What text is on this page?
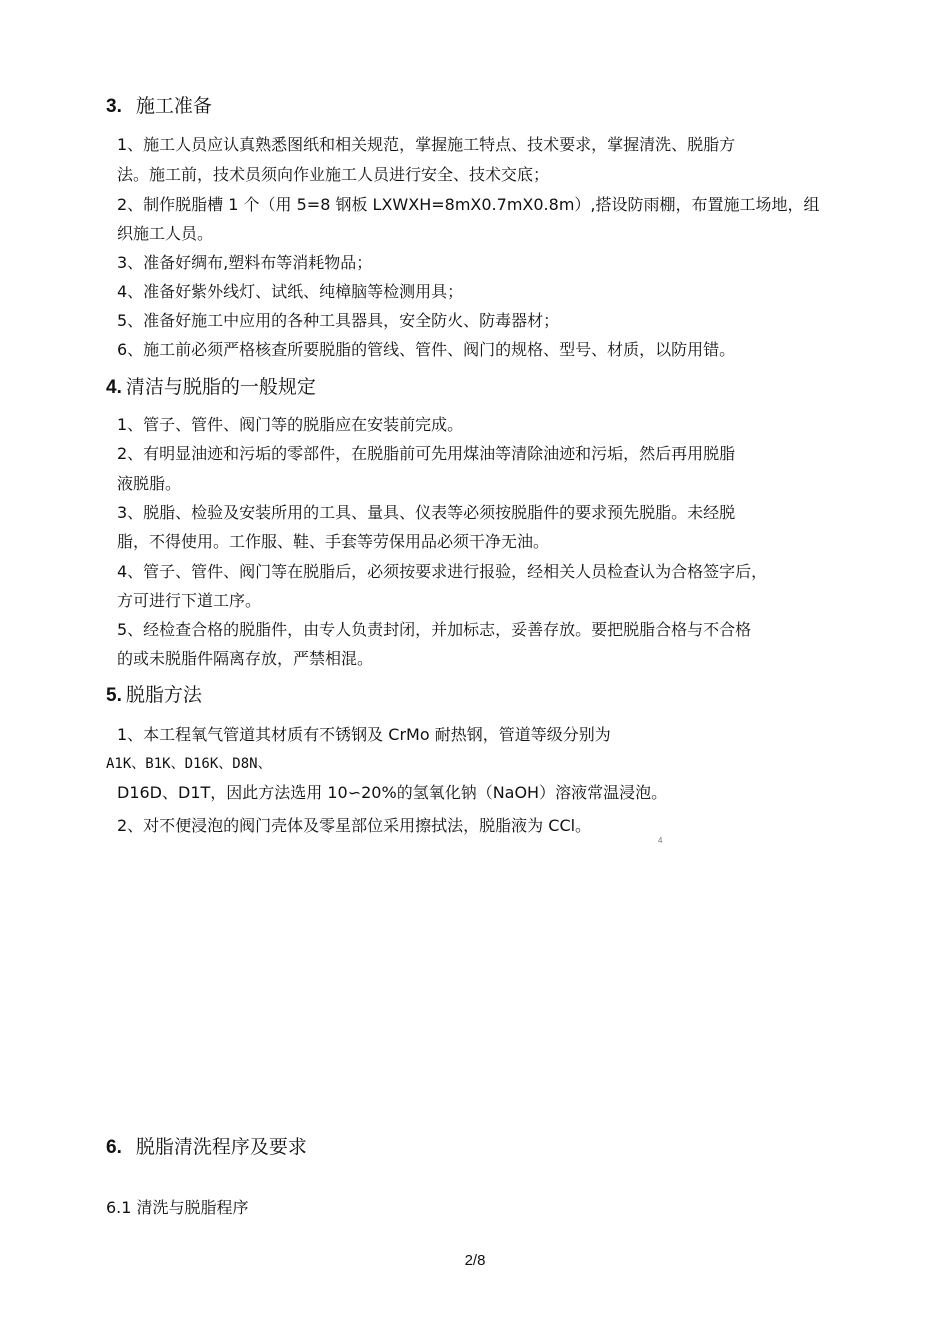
3. 施工准备
1、施工人员应认真熟悉图纸和相关规范，掌握施工特点、技术要求，掌握清洗、脱脂方
法。施工前，技术员须向作业施工人员进行安全、技术交底；
2、制作脱脂槽 1 个（用 5=8 钢板 LXWXH=8mX0.7mX0.8m）,搭设防雨棚，布置施工场地，组
织施工人员。
3、准备好绸布,塑料布等消耗物品；
4、准备好紫外线灯、试纸、纯樟脑等检测用具；
5、准备好施工中应用的各种工具器具，安全防火、防毒器材；
6、施工前必须严格核查所要脱脂的管线、管件、阀门的规格、型号、材质，以防用错。
4. 清洁与脱脂的一般规定
1、管子、管件、阀门等的脱脂应在安装前完成。
2、有明显油迹和污垢的零部件，在脱脂前可先用煤油等清除油迹和污垢，然后再用脱脂
液脱脂。
3、脱脂、检验及安装所用的工具、量具、仪表等必须按脱脂件的要求预先脱脂。未经脱
脂，不得使用。工作服、鞋、手套等劳保用品必须干净无油。
4、管子、管件、阀门等在脱脂后，必须按要求进行报验，经相关人员检查认为合格签字后，
方可进行下道工序。
5、经检查合格的脱脂件，由专人负责封闭，并加标志，妥善存放。要把脱脂合格与不合格
的或未脱脂件隔离存放，严禁相混。
5. 脱脂方法
1、本工程氧气管道其材质有不锈钢及 CrMo 耐热钢，管道等级分别为
A1K、B1K、D16K、D8N、
D16D、D1T，因此方法选用 10∽20%的氢氧化钠（NaOH）溶液常温浸泡。
2、对不便浸泡的阀门壳体及零星部位采用擦拭法，脱脂液为 CCl。
4
6. 脱脂清洗程序及要求
6.1 清洗与脱脂程序
2/8
